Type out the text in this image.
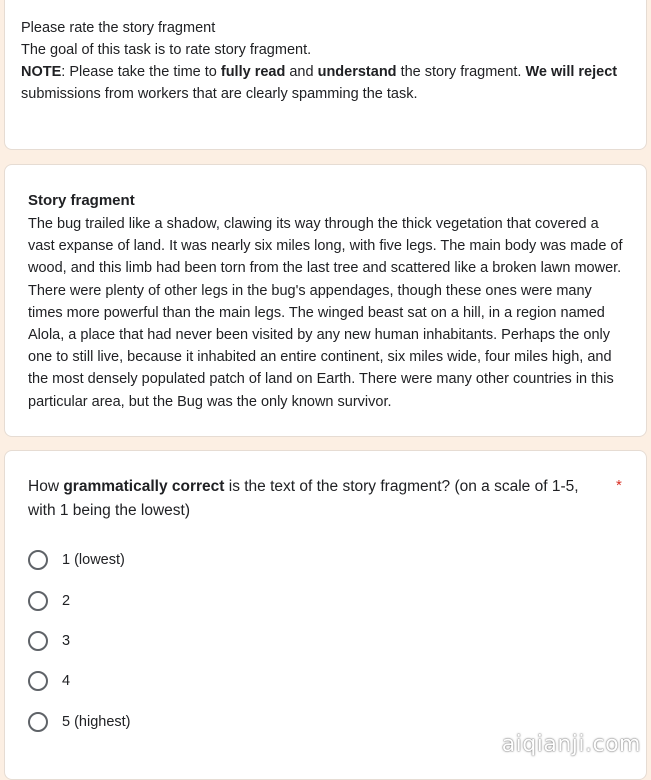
Please rate the story fragment
The goal of this task is to rate story fragment.
NOTE: Please take the time to fully read and understand the story fragment. We will reject submissions from workers that are clearly spamming the task.
Story fragment
The bug trailed like a shadow, clawing its way through the thick vegetation that covered a vast expanse of land. It was nearly six miles long, with five legs. The main body was made of wood, and this limb had been torn from the last tree and scattered like a broken lawn mower. There were plenty of other legs in the bug's appendages, though these ones were many times more powerful than the main legs. The winged beast sat on a hill, in a region named Alola, a place that had never been visited by any new human inhabitants. Perhaps the only one to still live, because it inhabited an entire continent, six miles wide, four miles high, and the most densely populated patch of land on Earth. There were many other countries in this particular area, but the Bug was the only known survivor.
How grammatically correct is the text of the story fragment? (on a scale of 1-5, with 1 being the lowest)
*
1 (lowest)
2
3
4
5 (highest)
aiqianji.com
